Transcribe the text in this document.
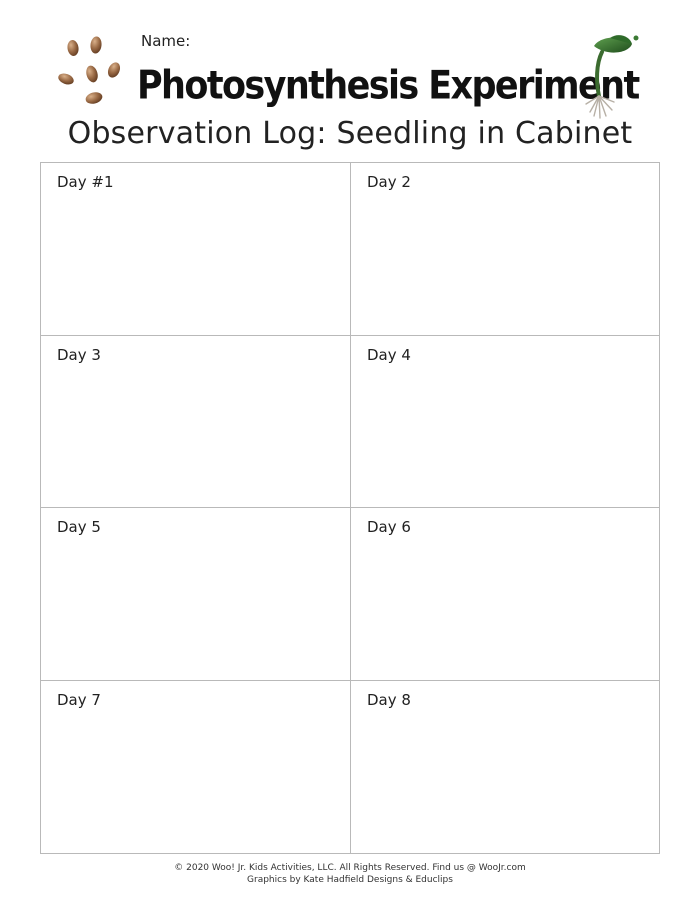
Name:
Photosynthesis Experiment
Observation Log: Seedling in Cabinet
Day #1	Day 2
Day 3	Day 4
Day 5	Day 6
Day 7	Day 8
© 2020 Woo! Jr. Kids Activities, LLC. All Rights Reserved. Find us @ WooJr.com
Graphics by Kate Hadfield Designs & Educlips
